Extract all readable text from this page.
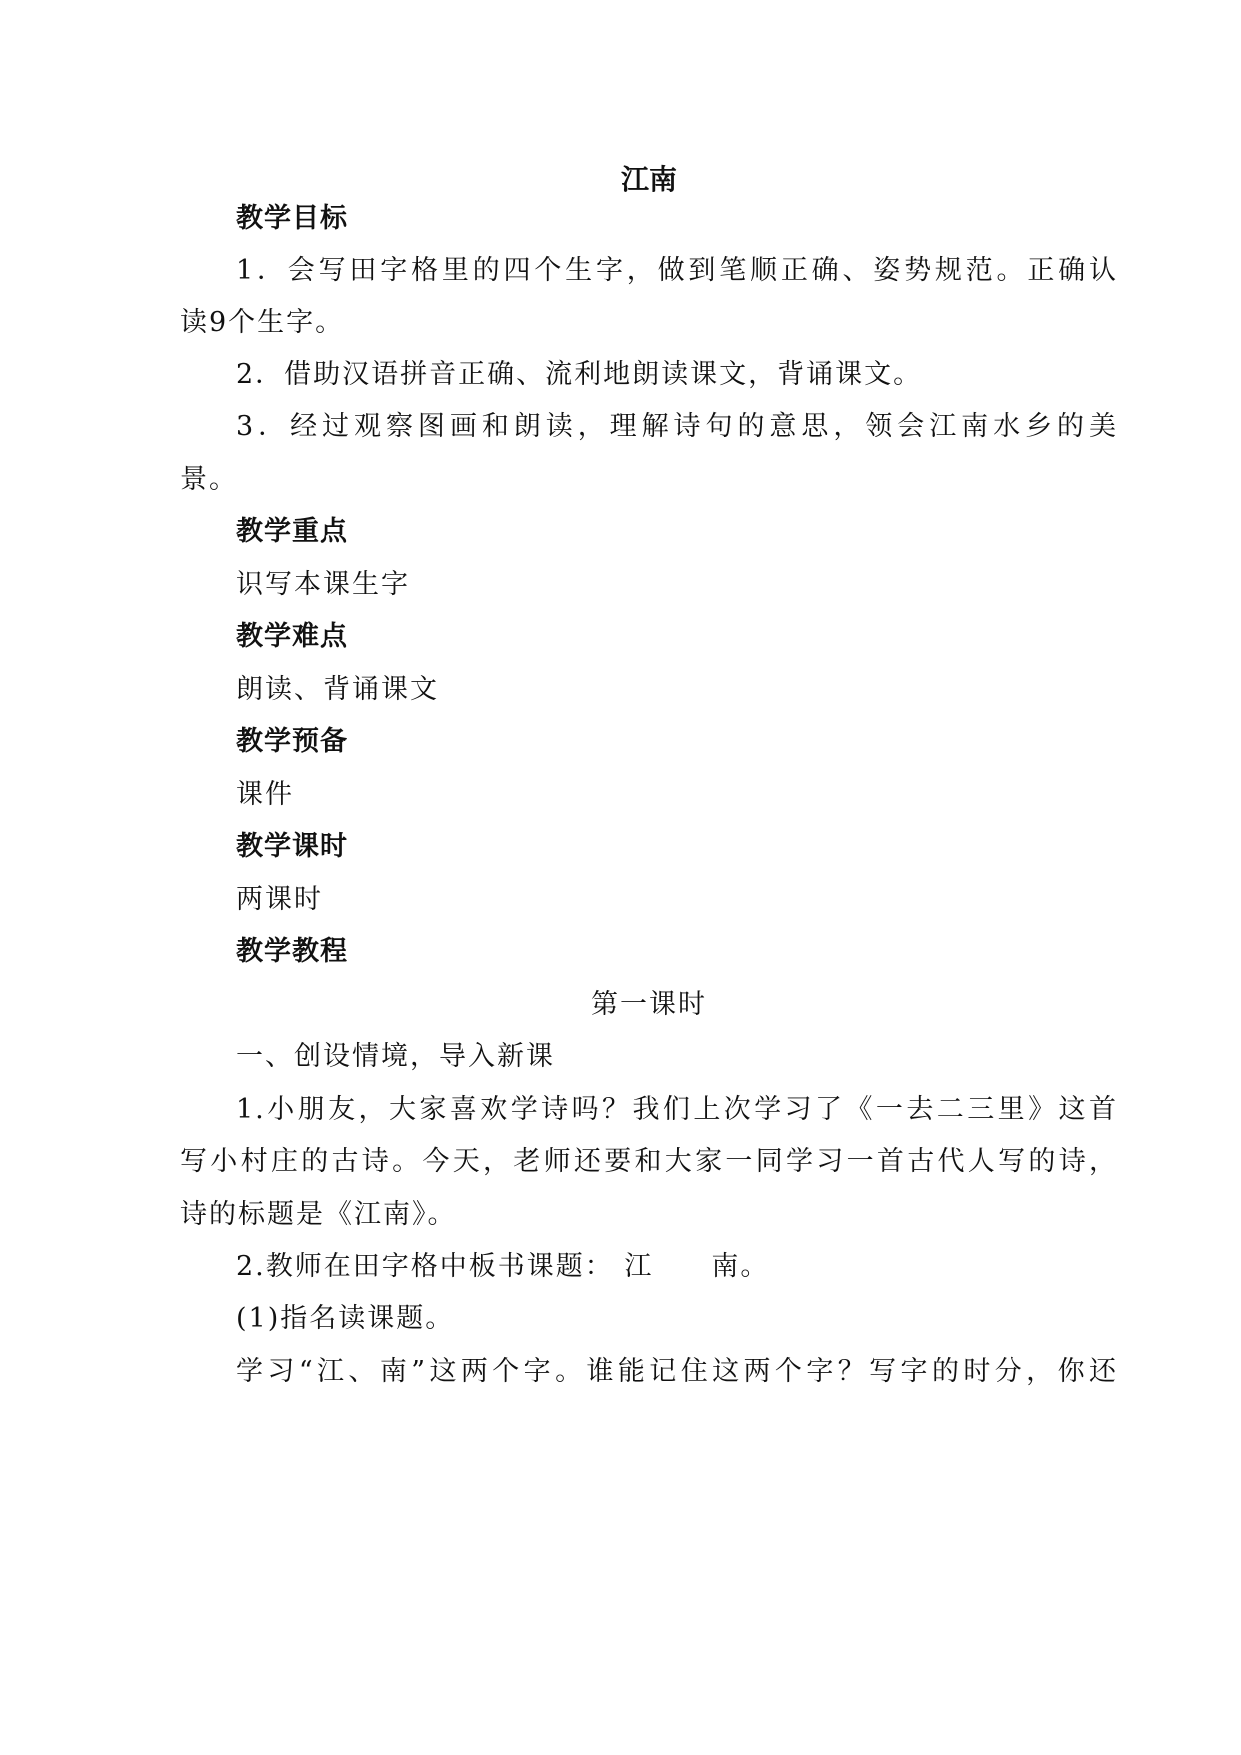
江南
教学目标
1．会写田字格里的四个生字，做到笔顺正确、姿势规范。正确认
读9个生字。
2．借助汉语拼音正确、流利地朗读课文，背诵课文。
3．经过观察图画和朗读，理解诗句的意思，领会江南水乡的美
景。
教学重点
识写本课生字
教学难点
朗读、背诵课文
教学预备
课件
教学课时
两课时
教学教程
第一课时
一、创设情境，导入新课
1.小朋友，大家喜欢学诗吗？我们上次学习了《一去二三里》这首
写小村庄的古诗。今天，老师还要和大家一同学习一首古代人写的诗，
诗的标题是《江南》。
2.教师在田字格中板书课题： 江　　南。
(1)指名读课题。
学习“江、南”这两个字。谁能记住这两个字？写字的时分，你还
